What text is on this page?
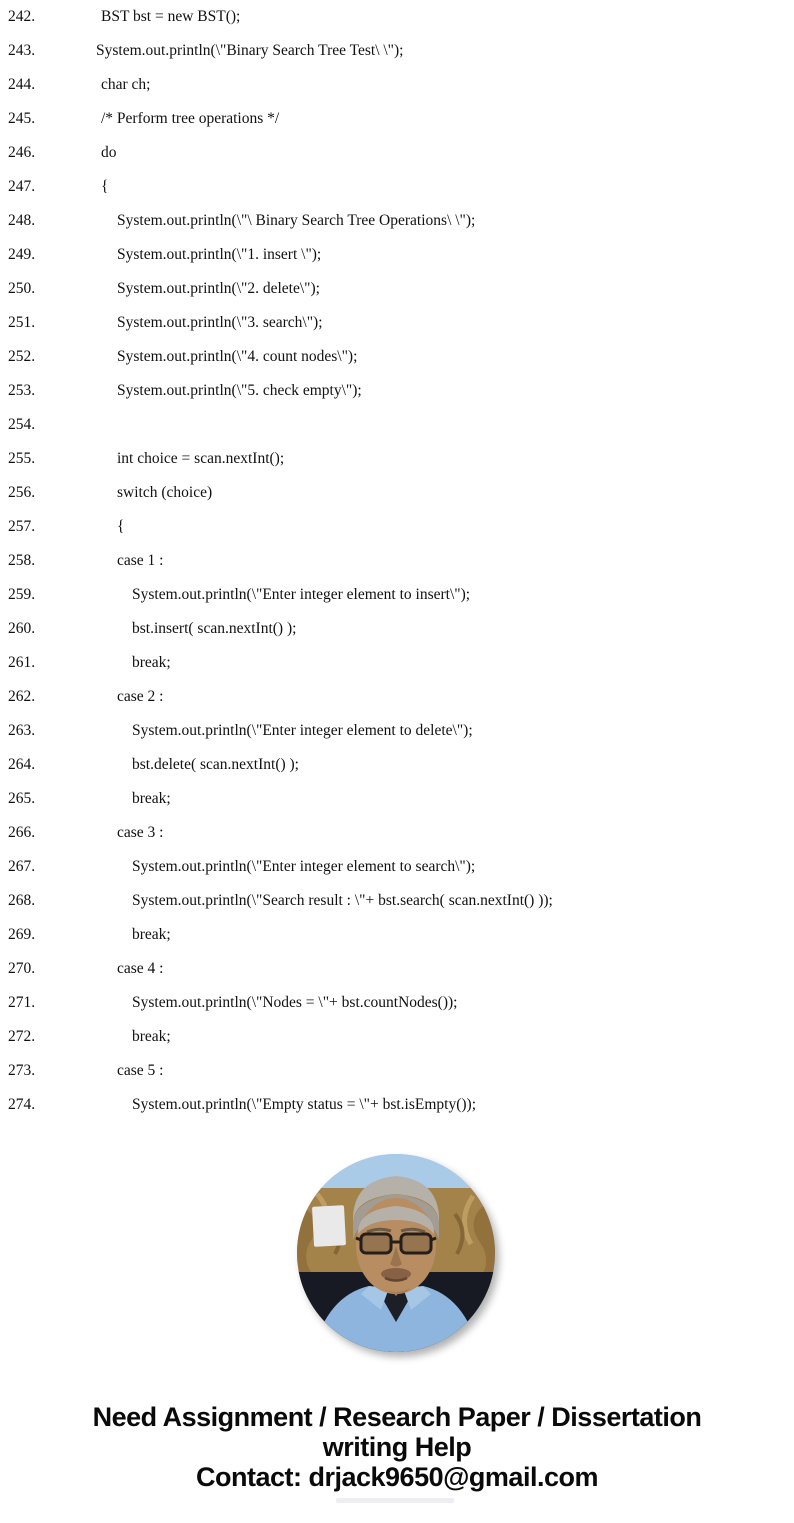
242.	BST bst = new BST();
243.	System.out.println(\"Binary Search Tree Test\ \");
244.	char ch;
245.	/* Perform tree operations */
246.	do
247.	{
248.	System.out.println(\"\ Binary Search Tree Operations\ \");
249.	System.out.println(\"1. insert \");
250.	System.out.println(\"2. delete\");
251.	System.out.println(\"3. search\");
252.	System.out.println(\"4. count nodes\");
253.	System.out.println(\"5. check empty\");
254.
255.	int choice = scan.nextInt();
256.	switch (choice)
257.	{
258.	case 1 :
259.	System.out.println(\"Enter integer element to insert\");
260.	bst.insert( scan.nextInt() );
261.	break;
262.	case 2 :
263.	System.out.println(\"Enter integer element to delete\");
264.	bst.delete( scan.nextInt() );
265.	break;
266.	case 3 :
267.	System.out.println(\"Enter integer element to search\");
268.	System.out.println(\"Search result : \"+ bst.search( scan.nextInt() ));
269.	break;
270.	case 4 :
271.	System.out.println(\"Nodes = \"+ bst.countNodes());
272.	break;
273.	case 5 :
274.	System.out.println(\"Empty status = \"+ bst.isEmpty());
Need Assignment / Research Paper / Dissertation
writing Help
Contact: drjack9650@gmail.com
